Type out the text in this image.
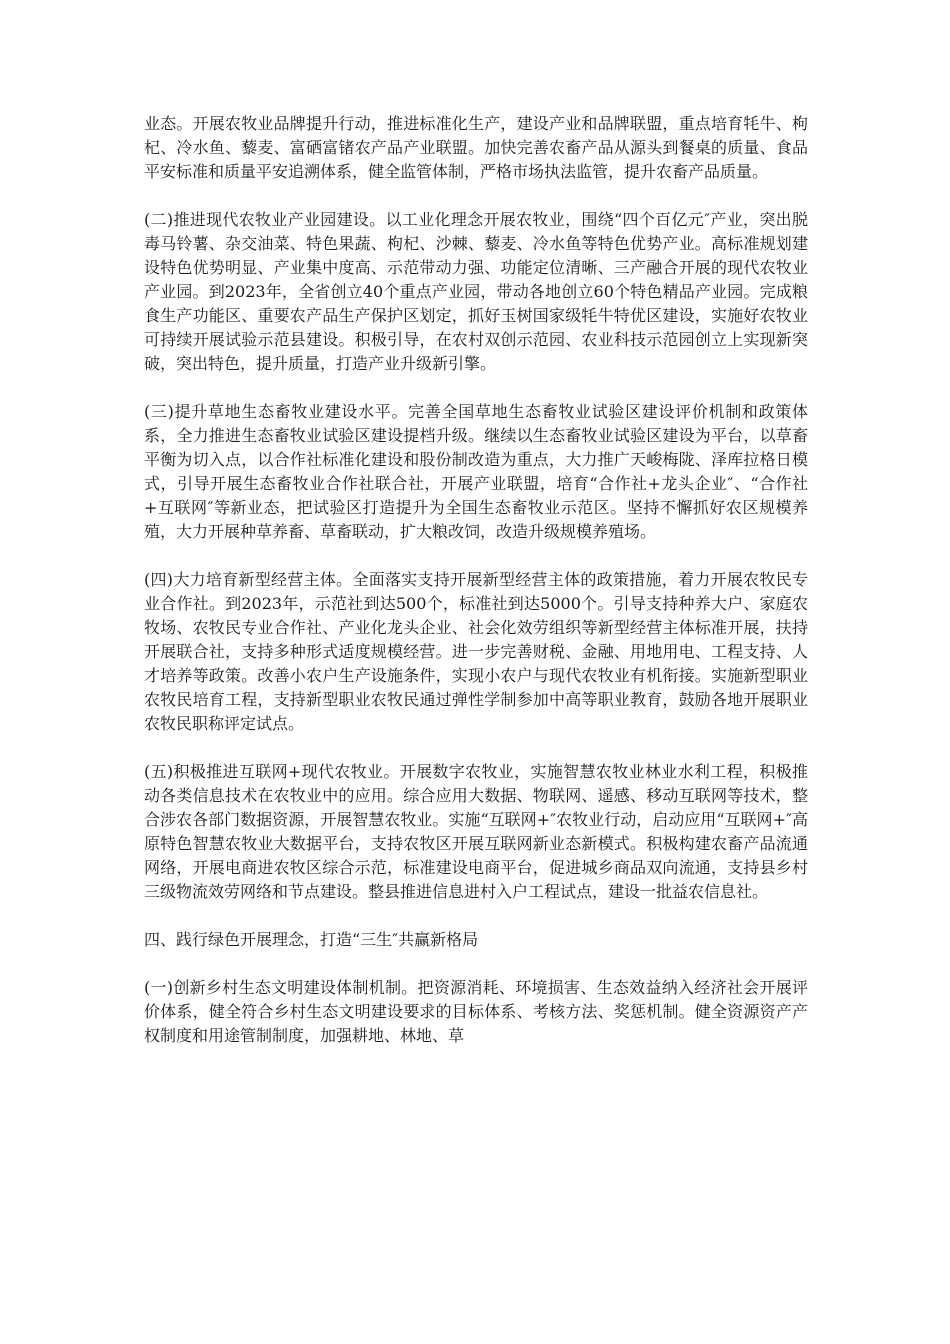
业态。开展农牧业品牌提升行动，推进标准化生产，建设产业和品牌联盟，重点培育牦牛、枸杞、冷水鱼、藜麦、富硒富锗农产品产业联盟。加快完善农畜产品从源头到餐桌的质量、食品平安标准和质量平安追溯体系，健全监管体制，严格市场执法监管，提升农畜产品质量。

(二)推进现代农牧业产业园建设。以工业化理念开展农牧业，围绕“四个百亿元″产业，突出脱毒马铃薯、杂交油菜、特色果蔬、枸杞、沙棘、藜麦、冷水鱼等特色优势产业。高标准规划建设特色优势明显、产业集中度高、示范带动力强、功能定位清晰、三产融合开展的现代农牧业产业园。到2023年，全省创立40个重点产业园，带动各地创立60个特色精品产业园。完成粮食生产功能区、重要农产品生产保护区划定，抓好玉树国家级牦牛特优区建设，实施好农牧业可持续开展试验示范县建设。积极引导，在农村双创示范园、农业科技示范园创立上实现新突破，突出特色，提升质量，打造产业升级新引擎。

(三)提升草地生态畜牧业建设水平。完善全国草地生态畜牧业试验区建设评价机制和政策体系，全力推进生态畜牧业试验区建设提档升级。继续以生态畜牧业试验区建设为平台，以草畜平衡为切入点，以合作社标准化建设和股份制改造为重点，大力推广天峻梅陇、泽库拉格日模式，引导开展生态畜牧业合作社联合社，开展产业联盟，培育“合作社+龙头企业″、“合作社+互联网″等新业态，把试验区打造提升为全国生态畜牧业示范区。坚持不懈抓好农区规模养殖，大力开展种草养畜、草畜联动，扩大粮改饲，改造升级规模养殖场。

(四)大力培育新型经营主体。全面落实支持开展新型经营主体的政策措施，着力开展农牧民专业合作社。到2023年，示范社到达500个，标准社到达5000个。引导支持种养大户、家庭农牧场、农牧民专业合作社、产业化龙头企业、社会化效劳组织等新型经营主体标准开展，扶持开展联合社，支持多种形式适度规模经营。进一步完善财税、金融、用地用电、工程支持、人才培养等政策。改善小农户生产设施条件，实现小农户与现代农牧业有机衔接。实施新型职业农牧民培育工程，支持新型职业农牧民通过弹性学制参加中高等职业教育，鼓励各地开展职业农牧民职称评定试点。

(五)积极推进互联网+现代农牧业。开展数字农牧业，实施智慧农牧业林业水利工程，积极推动各类信息技术在农牧业中的应用。综合应用大数据、物联网、遥感、移动互联网等技术，整合涉农各部门数据资源，开展智慧农牧业。实施“互联网+″农牧业行动，启动应用“互联网+″高原特色智慧农牧业大数据平台，支持农牧区开展互联网新业态新模式。积极构建农畜产品流通网络，开展电商进农牧区综合示范，标准建设电商平台，促进城乡商品双向流通，支持县乡村三级物流效劳网络和节点建设。整县推进信息进村入户工程试点，建设一批益农信息社。

四、践行绿色开展理念，打造“三生″共赢新格局

(一)创新乡村生态文明建设体制机制。把资源消耗、环境损害、生态效益纳入经济社会开展评价体系，健全符合乡村生态文明建设要求的目标体系、考核方法、奖惩机制。健全资源资产产权制度和用途管制制度，加强耕地、林地、草
